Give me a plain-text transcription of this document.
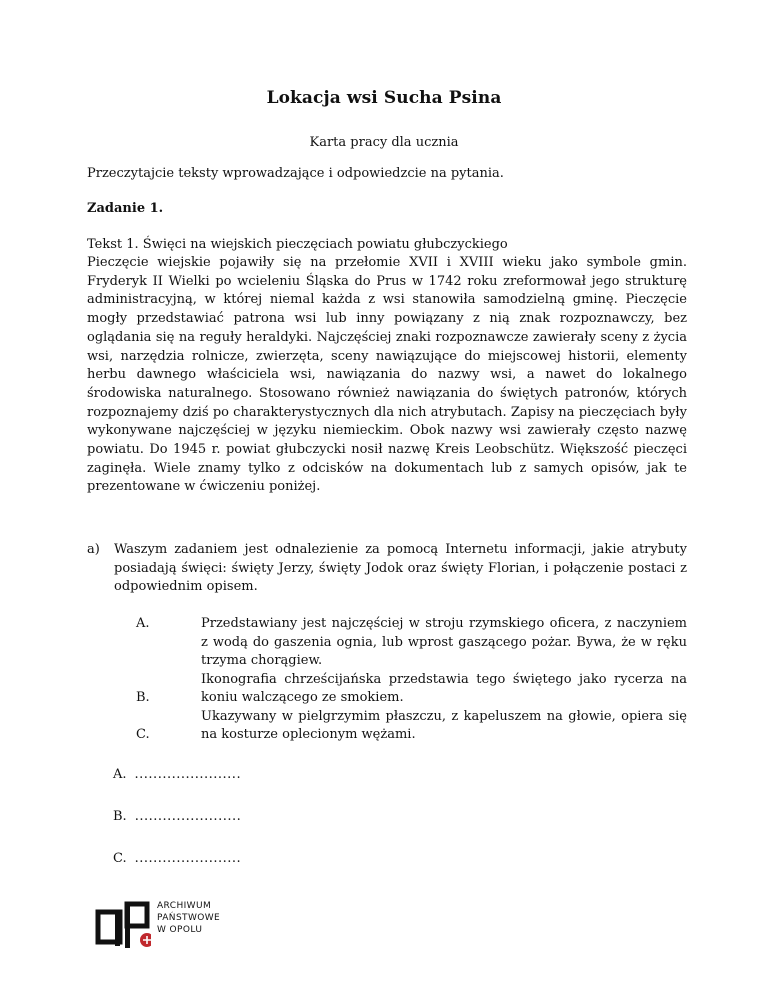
Lokacja wsi Sucha Psina
Karta pracy dla ucznia
Przeczytajcie teksty wprowadzające i odpowiedzcie na pytania.
Zadanie 1.
Tekst 1. Święci na wiejskich pieczęciach powiatu głubczyckiego
Pieczęcie wiejskie pojawiły się na przełomie XVII i XVIII wieku jako symbole gmin. Fryderyk II Wielki po wcieleniu Śląska do Prus w 1742 roku zreformował jego strukturę administracyjną, w której niemal każda z wsi stanowiła samodzielną gminę. Pieczęcie mogły przedstawiać patrona wsi lub inny powiązany z nią znak rozpoznawczy, bez oglądania się na reguły heraldyki. Najczęściej znaki rozpoznawcze zawierały sceny z życia wsi, narzędzia rolnicze, zwierzęta, sceny nawiązujące do miejscowej historii, elementy herbu dawnego właściciela wsi, nawiązania do nazwy wsi, a nawet do lokalnego środowiska naturalnego. Stosowano również nawiązania do świętych patronów, których rozpoznajemy dziś po charakterystycznych dla nich atrybutach. Zapisy na pieczęciach były wykonywane najczęściej w języku niemieckim. Obok nazwy wsi zawierały często nazwę powiatu. Do 1945 r. powiat głubczycki nosił nazwę Kreis Leobschütz. Większość pieczęci zaginęła. Wiele znamy tylko z odcisków na dokumentach lub z samych opisów, jak te prezentowane w ćwiczeniu poniżej.
a) Waszym zadaniem jest odnalezienie za pomocą Internetu informacji, jakie atrybuty posiadają święci: święty Jerzy, święty Jodok oraz święty Florian, i połączenie postaci z odpowiednim opisem.
A.
B.
C.
Przedstawiany jest najczęściej w stroju rzymskiego oficera, z naczyniem z wodą do gaszenia ognia, lub wprost gaszącego pożar. Bywa, że w ręku trzyma chorągiew.
Ikonografia chrześcijańska przedstawia tego świętego jako rycerza na koniu walczącego ze smokiem.
Ukazywany w pielgrzymim płaszczu, z kapeluszem na głowie, opiera się na kosturze oplecionym wężami.
A. .......................
B. .......................
C. .......................
ARCHIWUM
PAŃSTWOWE
W OPOLU
